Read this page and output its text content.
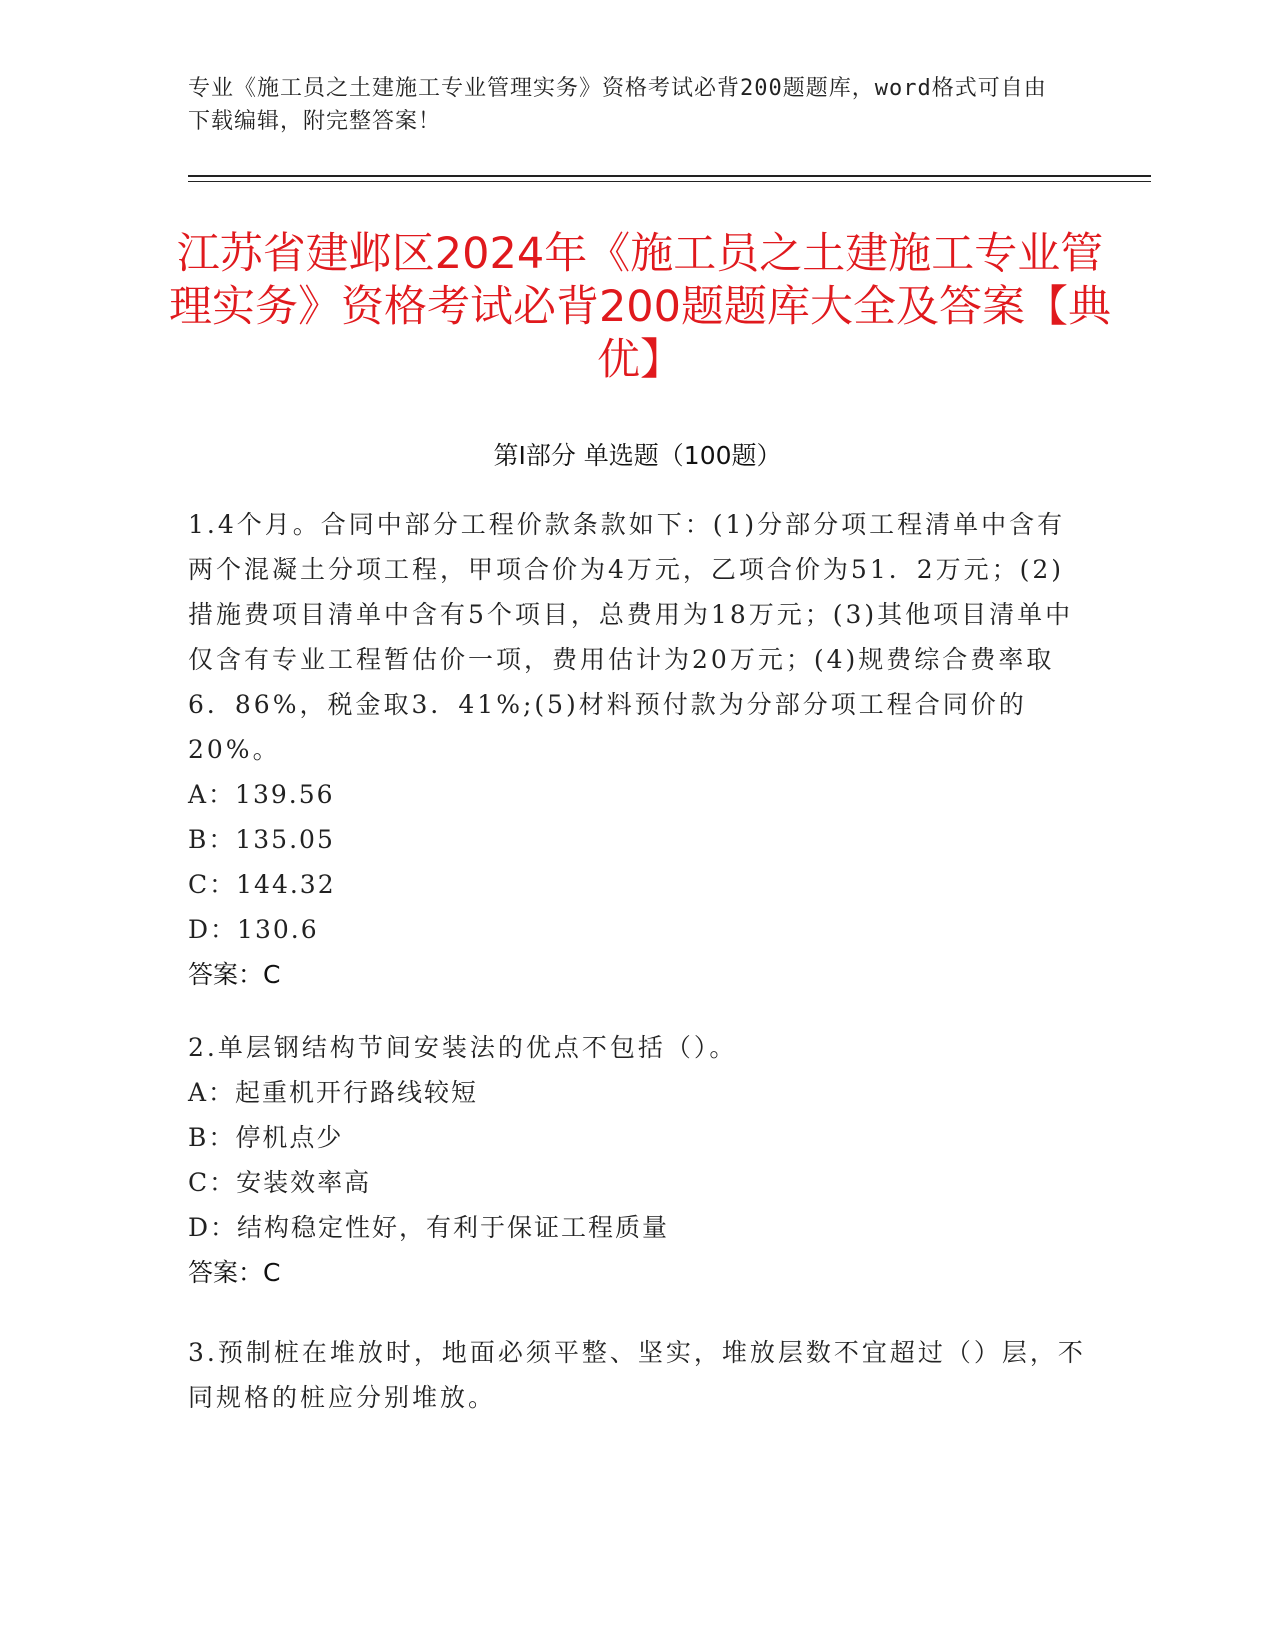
专业《施工员之土建施工专业管理实务》资格考试必背200题题库，word格式可自由下载编辑，附完整答案！
江苏省建邺区2024年《施工员之土建施工专业管理实务》资格考试必背200题题库大全及答案【典优】
第Ⅰ部分 单选题（100题）

1.4个月。合同中部分工程价款条款如下：(1)分部分项工程清单中含有两个混凝土分项工程，甲项合价为4万元，乙项合价为51．2万元；(2)措施费项目清单中含有5个项目，总费用为18万元；(3)其他项目清单中仅含有专业工程暂估价一项，费用估计为20万元；(4)规费综合费率取6．86%，税金取3．41%;(5)材料预付款为分部分项工程合同价的20%。

A：139.56

B：135.05

C：144.32

D：130.6

答案：C

2.单层钢结构节间安装法的优点不包括（）。

A：起重机开行路线较短

B：停机点少

C：安装效率高

D：结构稳定性好，有利于保证工程质量

答案：C

3.预制桩在堆放时，地面必须平整、坚实，堆放层数不宜超过（）层，不同规格的桩应分别堆放。
